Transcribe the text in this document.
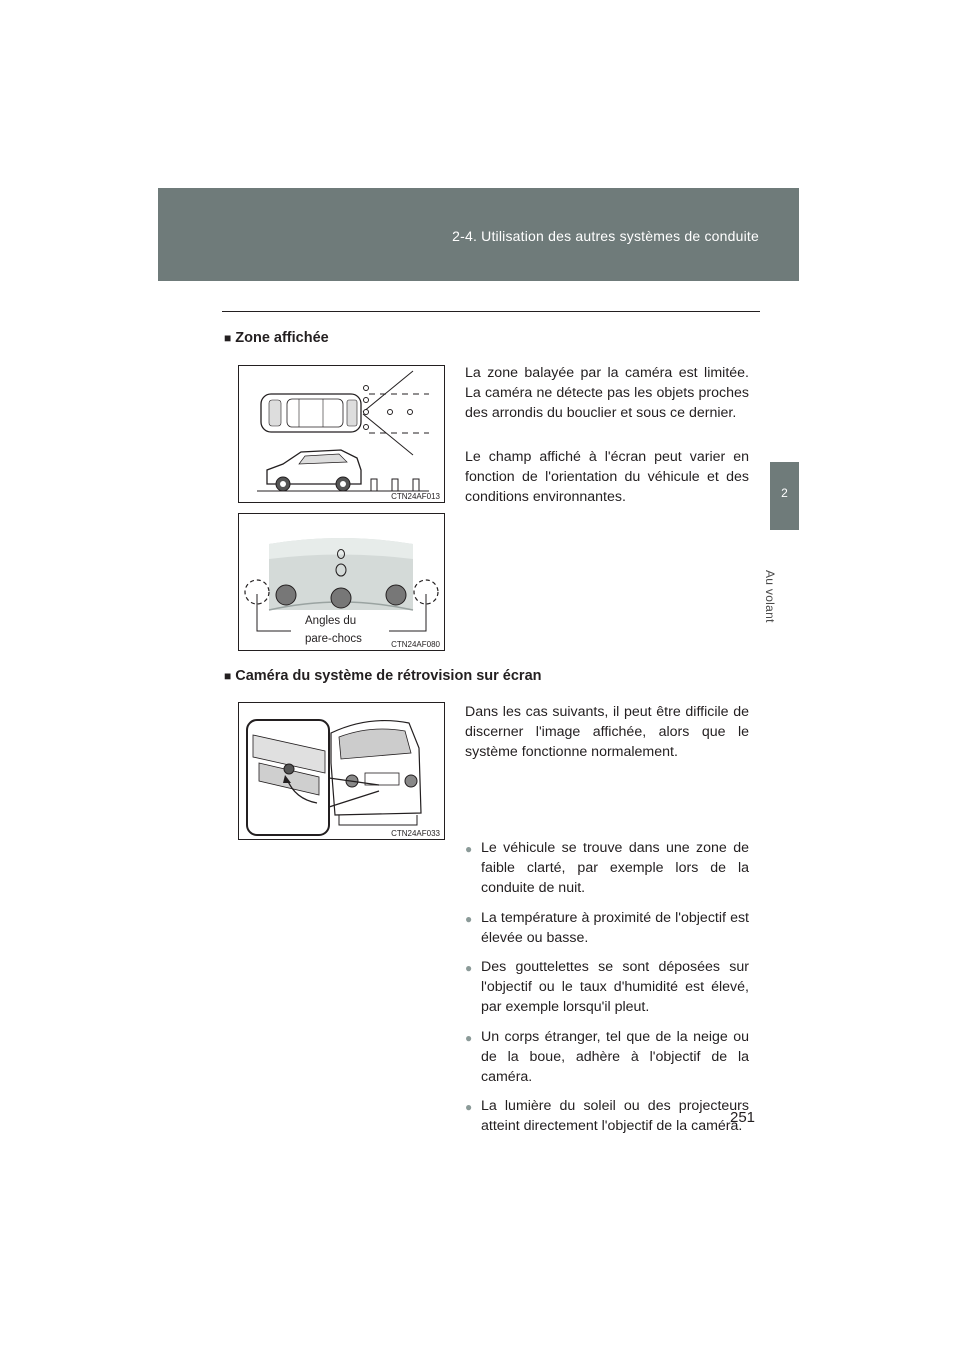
2-4. Utilisation des autres systèmes de conduite
2
Au volant
■ Zone affichée

La zone balayée par la caméra est limitée. La caméra ne détecte pas les objets proches des arrondis du bouclier et sous ce dernier.

Le champ affiché à l'écran peut varier en fonction de l'orientation du véhicule et des conditions environnantes.

CTN24AF013
Angles du
pare-chocs	CTN24AF080
■ Caméra du système de rétrovision sur écran

Dans les cas suivants, il peut être difficile de discerner l'image affichée, alors que le système fonctionne normalement.

CTN24AF033
● Le véhicule se trouve dans une zone de faible clarté, par exemple lors de la conduite de nuit.
● La température à proximité de l'objectif est élevée ou basse.
● Des gouttelettes se sont déposées sur l'objectif ou le taux d'humidité est élevé, par exemple lorsqu'il pleut.
● Un corps étranger, tel que de la neige ou de la boue, adhère à l'objectif de la caméra.
● La lumière du soleil ou des projecteurs atteint directement l'objectif de la caméra.
251
